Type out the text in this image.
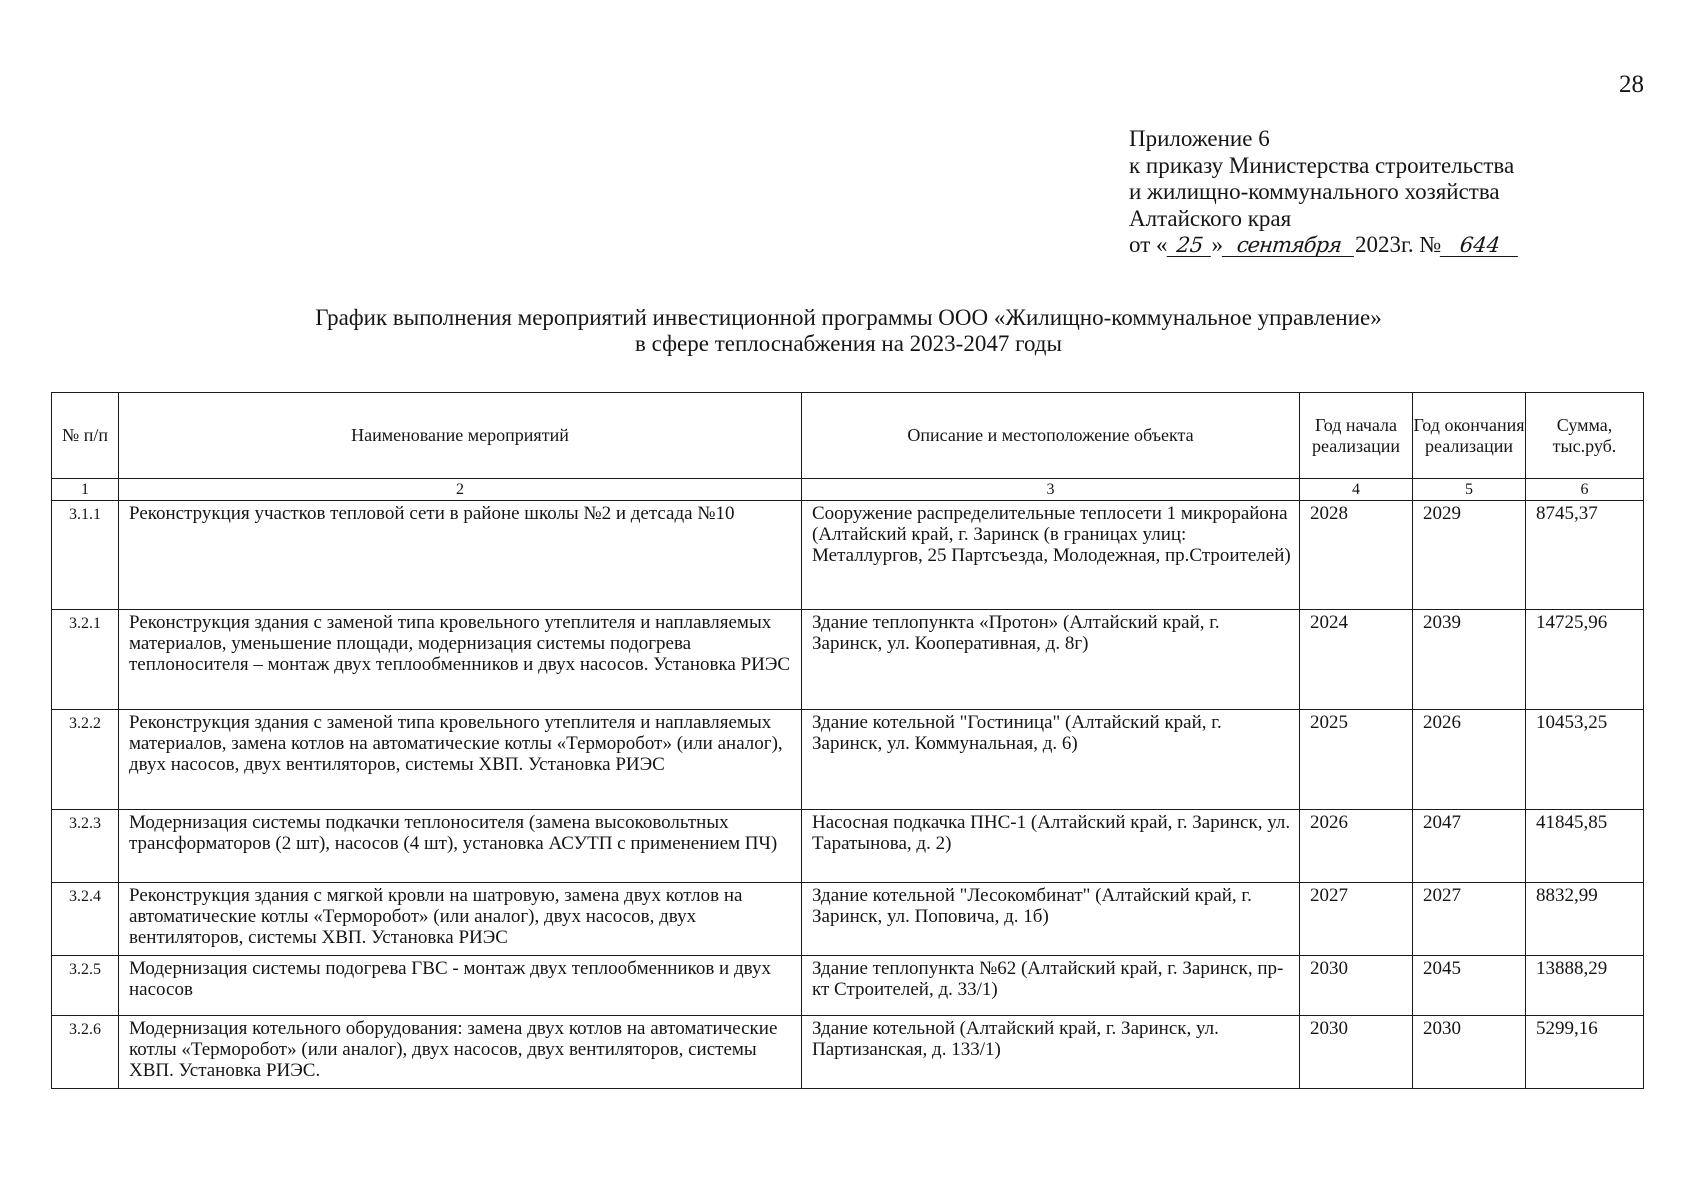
28
Приложение 6
к приказу Министерства строительства
и жилищно-коммунального хозяйства
Алтайского края
от « 25 » сентября 2023г. № 644
График выполнения мероприятий инвестиционной программы ООО «Жилищно-коммунальное управление»
в сфере теплоснабжения на 2023-2047 годы
№ п/п	Наименование мероприятий	Описание и местоположение объекта	Год начала реализации	Год окончания реализации	Сумма, тыс.руб.
1	2	3	4	5	6
3.1.1	Реконструкция участков тепловой сети в районе школы №2 и детсада №10	Сооружение распределительные теплосети 1 микрорайона (Алтайский край, г. Заринск (в границах улиц: Металлургов, 25 Партсъезда, Молодежная, пр.Строителей)	2028	2029	8745,37
3.2.1	Реконструкция здания с заменой типа кровельного утеплителя и наплавляемых материалов, уменьшение площади, модернизация системы подогрева теплоносителя – монтаж двух теплообменников и двух насосов. Установка РИЭС	Здание теплопункта «Протон» (Алтайский край, г. Заринск, ул. Кооперативная, д. 8г)	2024	2039	14725,96
3.2.2	Реконструкция здания с заменой типа кровельного утеплителя и наплавляемых материалов, замена котлов на автоматические котлы «Терморобот» (или аналог), двух насосов, двух вентиляторов, системы ХВП. Установка РИЭС	Здание котельной "Гостиница" (Алтайский край, г. Заринск, ул. Коммунальная, д. 6)	2025	2026	10453,25
3.2.3	Модернизация системы подкачки теплоносителя (замена высоковольтных трансформаторов (2 шт), насосов (4 шт), установка АСУТП с применением ПЧ)	Насосная подкачка ПНС-1 (Алтайский край, г. Заринск, ул. Таратынова, д. 2)	2026	2047	41845,85
3.2.4	Реконструкция здания с мягкой кровли на шатровую, замена двух котлов на автоматические котлы «Терморобот» (или аналог), двух насосов, двух вентиляторов, системы ХВП. Установка РИЭС	Здание котельной "Лесокомбинат" (Алтайский край, г. Заринск, ул. Поповича, д. 1б)	2027	2027	8832,99
3.2.5	Модернизация системы подогрева ГВС - монтаж двух теплообменников и двух насосов	Здание теплопункта №62 (Алтайский край, г. Заринск, пр-кт Строителей, д. 33/1)	2030	2045	13888,29
3.2.6	Модернизация котельного оборудования: замена двух котлов на автоматические котлы «Терморобот» (или аналог), двух насосов, двух вентиляторов, системы ХВП. Установка РИЭС.	Здание котельной (Алтайский край, г. Заринск, ул. Партизанская, д. 133/1)	2030	2030	5299,16
